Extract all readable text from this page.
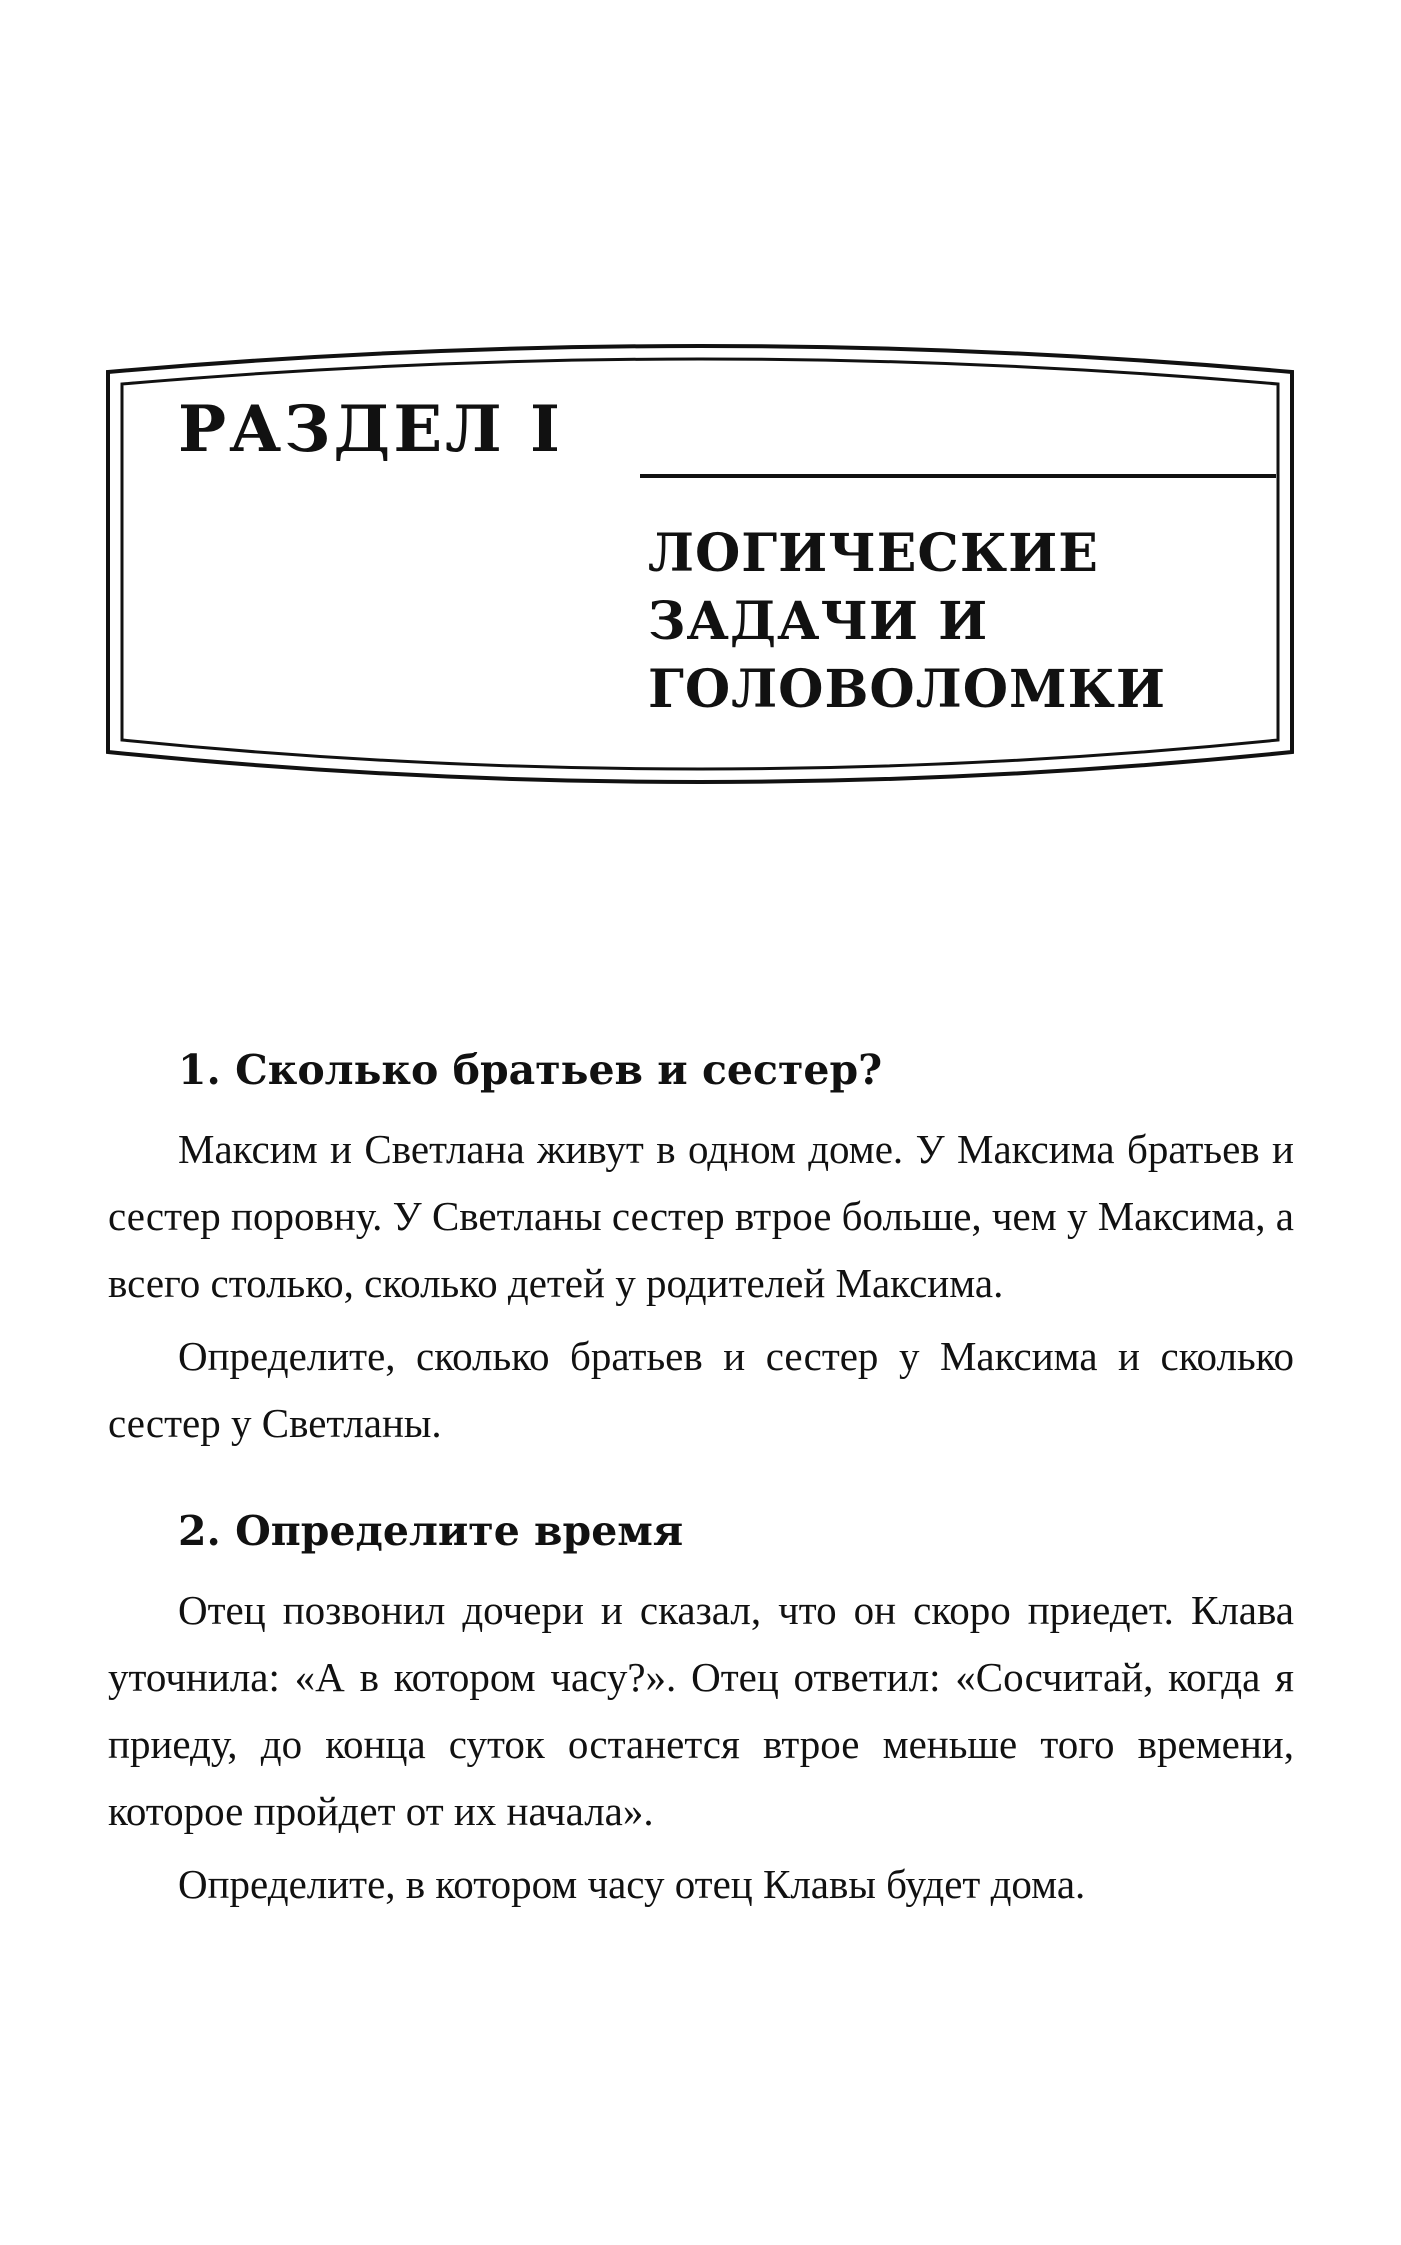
РАЗДЕЛ I
ЛОГИЧЕСКИЕ
ЗАДАЧИ И
ГОЛОВОЛОМКИ

1. Сколько братьев и сестер?

Максим и Светлана живут в одном доме. У Максима братьев и сестер поровну. У Светланы сестер втрое больше, чем у Максима, а всего столько, сколько детей у родителей Максима.

Определите, сколько братьев и сестер у Максима и сколько сестер у Светланы.

2. Определите время

Отец позвонил дочери и сказал, что он скоро приедет. Клава уточнила: «А в котором часу?». Отец ответил: «Сосчитай, когда я приеду, до конца суток останется втрое меньше того времени, которое пройдет от их начала».

Определите, в котором часу отец Клавы будет дома.
